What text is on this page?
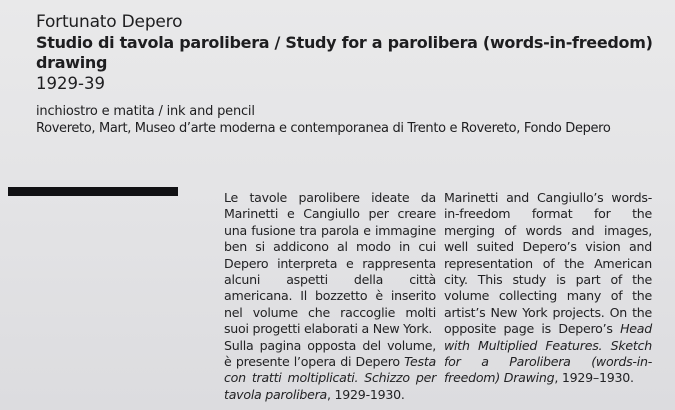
Fortunato Depero
Studio di tavola parolibera / Study for a parolibera (words-in-freedom)
drawing
1929-39
inchiostro e matita / ink and pencil
Rovereto, Mart, Museo d’arte moderna e contemporanea di Trento e Rovereto, Fondo Depero

Le tavole parolibere ideate da Marinetti e Cangiullo per creare una fusione tra parola e immagine ben si addicono al modo in cui Depero interpreta e rappresenta alcuni aspetti della città americana. Il bozzetto è inserito nel volume che raccoglie molti suoi progetti elaborati a New York.

Sulla pagina opposta del volume, è presente l’opera di Depero Testa con tratti moltiplicati. Schizzo per tavola parolibera, 1929-1930.

Marinetti and Cangiullo’s words-in-freedom format for the merging of words and images, well suited Depero’s vision and representation of the American city. This study is part of the volume collecting many of the artist’s New York projects. On the opposite page is Depero’s Head with Multiplied Features. Sketch for a Parolibera (words-in-freedom) Drawing, 1929–1930.
